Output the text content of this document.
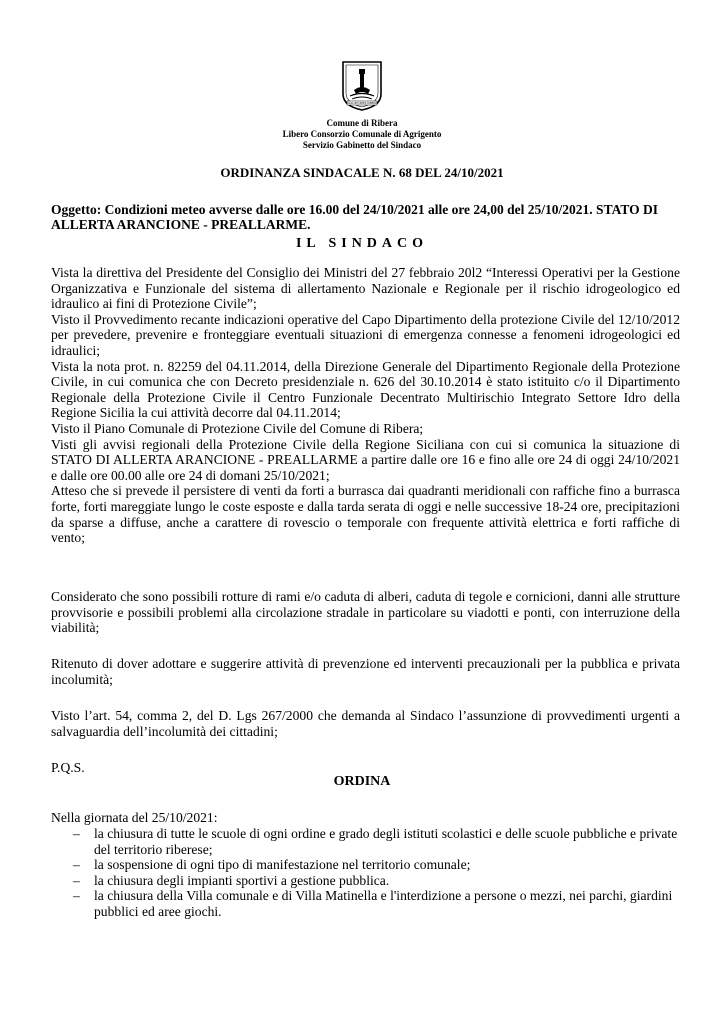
SIGILLUM URBIS RIBERAE
Comune di Ribera
Libero Consorzio Comunale di Agrigento
Servizio Gabinetto del Sindaco
ORDINANZA SINDACALE N. 68 DEL 24/10/2021

Oggetto: Condizioni meteo avverse dalle ore 16.00 del 24/10/2021 alle ore 24,00 del 25/10/2021. STATO DI ALLERTA ARANCIONE - PREALLARME.

IL SINDACO

Vista la direttiva del Presidente del Consiglio dei Ministri del 27 febbraio 20l2 “Interessi Operativi per la Gestione Organizzativa e Funzionale del sistema di allertamento Nazionale e Regionale per il rischio idrogeologico ed idraulico ai fini di Protezione Civile”;
Visto il Provvedimento recante indicazioni operative del Capo Dipartimento della protezione Civile del 12/10/2012 per prevedere, prevenire e fronteggiare eventuali situazioni di emergenza connesse a fenomeni idrogeologici ed idraulici;
Vista la nota prot. n. 82259 del 04.11.2014, della Direzione Generale del Dipartimento Regionale della Protezione Civile, in cui comunica che con Decreto presidenziale n. 626 del 30.10.2014 è stato istituito c/o il Dipartimento Regionale della Protezione Civile il Centro Funzionale Decentrato Multirischio Integrato Settore Idro della Regione Sicilia la cui attività decorre dal 04.11.2014;
Visto il Piano Comunale di Protezione Civile del Comune di Ribera;
Visti gli avvisi regionali della Protezione Civile della Regione Siciliana con cui si comunica la situazione di STATO DI ALLERTA ARANCIONE - PREALLARME a partire dalle ore 16 e fino alle ore 24 di oggi 24/10/2021 e dalle ore 00.00 alle ore 24 di domani 25/10/2021;
Atteso che si prevede il persistere di venti da forti a burrasca dai quadranti meridionali con raffiche fino a burrasca forte, forti mareggiate lungo le coste esposte e dalla tarda serata di oggi e nelle successive 18-24 ore, precipitazioni da sparse a diffuse, anche a carattere di rovescio o temporale con frequente attività elettrica e forti raffiche di vento;

Considerato che sono possibili rotture di rami e/o caduta di alberi, caduta di tegole e cornicioni, danni alle strutture provvisorie e possibili problemi alla circolazione stradale in particolare su viadotti e ponti, con interruzione della viabilità;

Ritenuto di dover adottare e suggerire attività di prevenzione ed interventi precauzionali per la pubblica e privata incolumità;

Visto l’art. 54, comma 2, del D. Lgs 267/2000 che demanda al Sindaco l’assunzione di provvedimenti urgenti a salvaguardia dell’incolumità dei cittadini;

P.Q.S.

ORDINA

Nella giornata del 25/10/2021:

– la chiusura di tutte le scuole di ogni ordine e grado degli istituti scolastici e delle scuole pubbliche e private del territorio riberese;
– la sospensione di ogni tipo di manifestazione nel territorio comunale;
– la chiusura degli impianti sportivi a gestione pubblica.
– la chiusura della Villa comunale e di Villa Matinella e l'interdizione a persone o mezzi, nei parchi, giardini pubblici ed aree giochi.
